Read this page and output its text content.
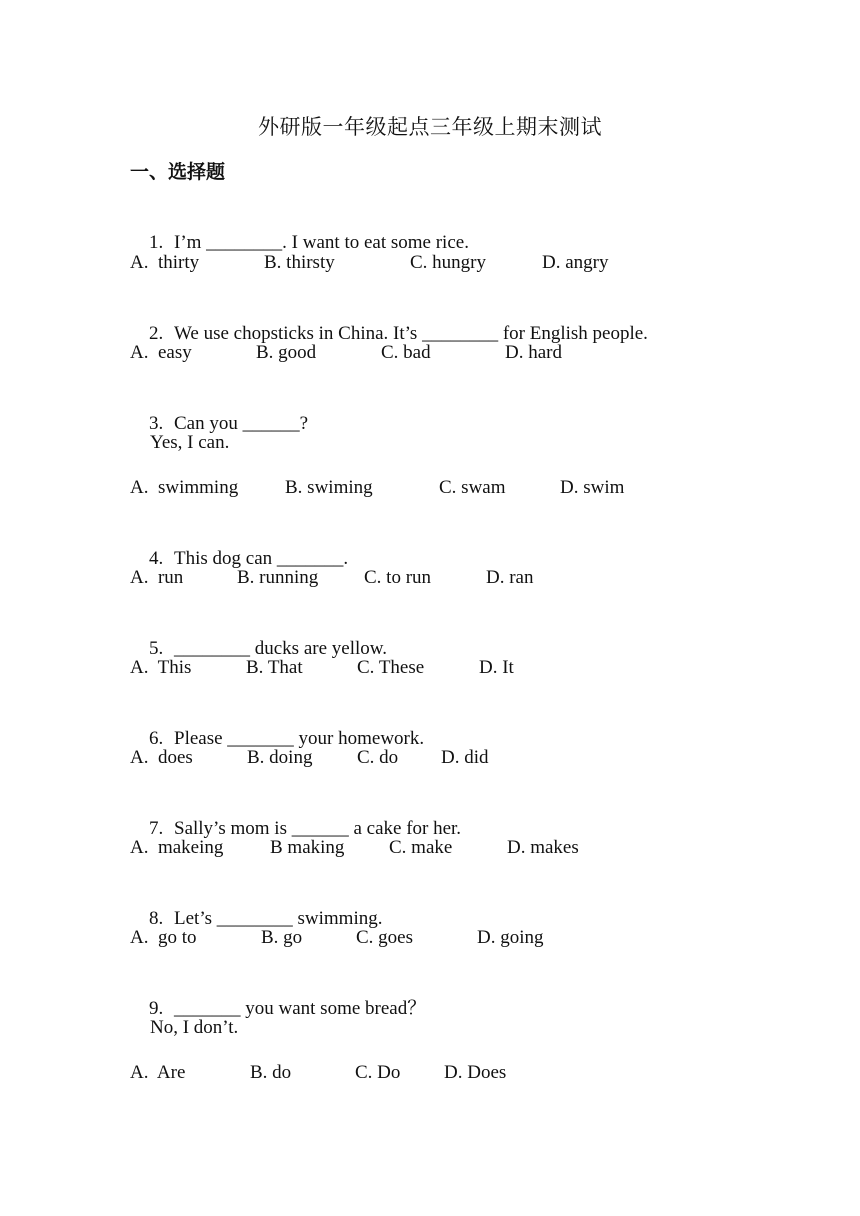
外研版一年级起点三年级上期末测试
一、选择题

1. I’m ________. I want to eat some rice.

A.  thirty	B. thirsty	C. hungry	D. angry

2. We use chopsticks in China. It’s ________ for English people.

A.  easy	B. good	C. bad	D. hard

3. Can you ______?

Yes, I can.
A.  swimming B. swiming	C. swam	D. swim

4. This dog can _______.

A.  run	B. running C. to run	D. ran

5. ________ ducks are yellow.

A.  This	B. That	C. These	D. It

6. Please _______ your homework.

A.  does	B. doing C. do D. did

7. Sally’s mom is ______ a cake for her.

A.  makeing B making C. make	D. makes

8. Let’s ________ swimming.

A.  go to	B. go	C. goes	D. going

9. _______ you want some bread？

No, I don’t.
A.  Are	B. do	C. Do D. Does
